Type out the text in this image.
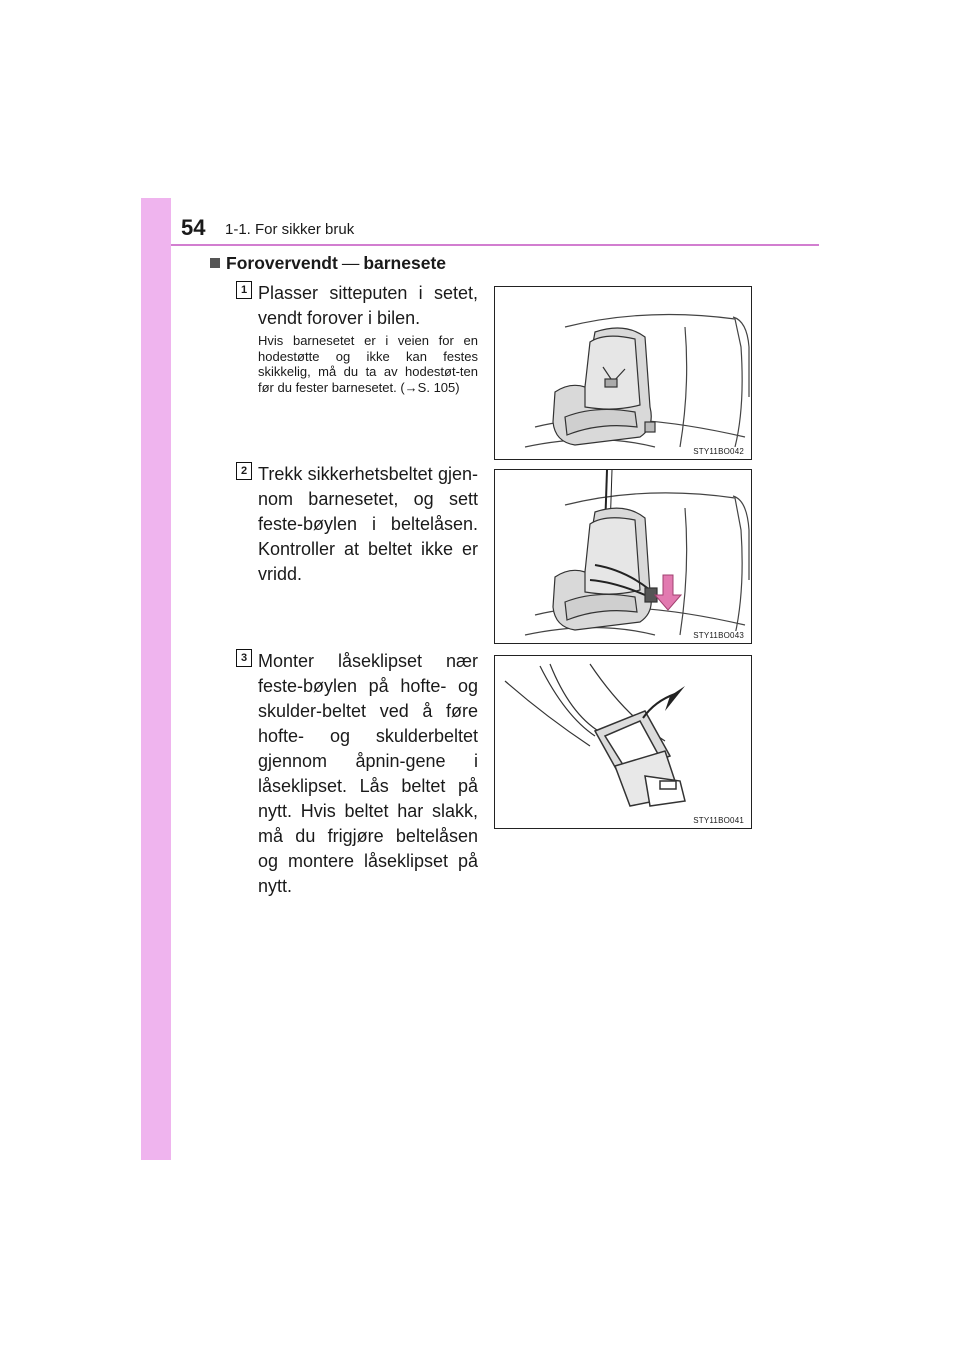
54 1-1. For sikker bruk
Forovervendt — barnesete
1 Plasser sitteputen i setet, vendt forover i bilen.
Hvis barnesetet er i veien for en hodestøtte og ikke kan festes skikkelig, må du ta av hodestøt-ten før du fester barnesetet. (→S. 105)
STY11BO042
2 Trekk sikkerhetsbeltet gjen-nom barnesetet, og sett feste-bøylen i beltelåsen. Kontroller at beltet ikke er vridd.
STY11BO043
3 Monter låseklipset nær feste-bøylen på hofte- og skulder-beltet ved å føre hofte- og skulderbeltet gjennom åpnin-gene i låseklipset. Lås beltet på nytt. Hvis beltet har slakk, må du frigjøre beltelåsen og montere låseklipset på nytt.
STY11BO041
